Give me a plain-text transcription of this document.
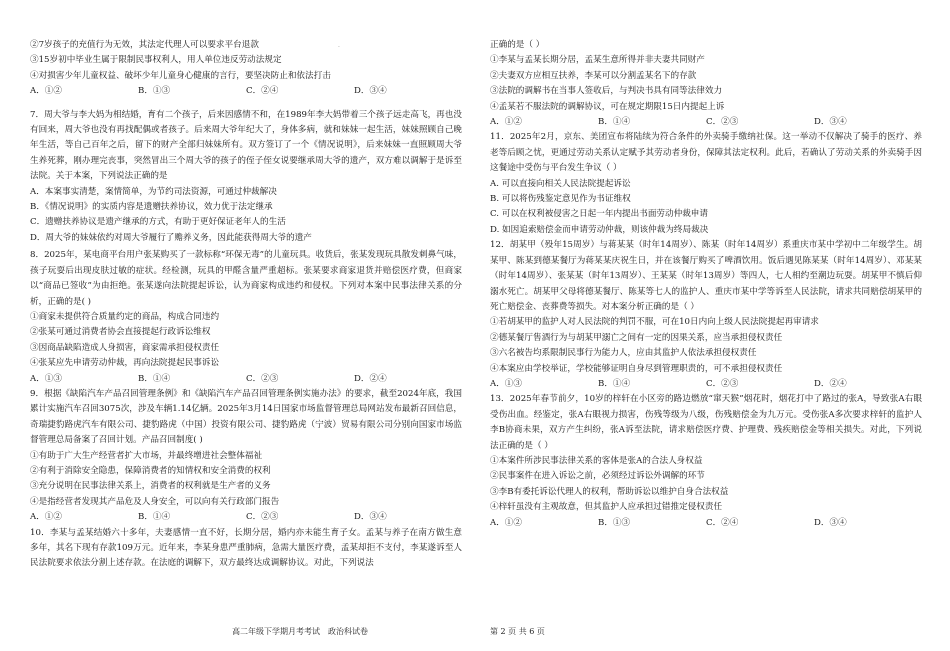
·

②7岁孩子的充值行为无效，其法定代理人可以要求平台退款

③15岁初中毕业生属于限制民事权利人，用人单位违反劳动法规定

④对损害少年儿童权益、破坏少年儿童身心健康的言行，要坚决防止和依法打击

A．①②	B．①③	C．②④	D．③④

7．周大爷与李大妈为相结婚，育有二个孩子，后来因感情不和，在1989年李大妈带着三个孩子远走高飞，再也没有回来，周大爷也没有再找配偶或者孩子。后来周大爷年纪大了，身体多病，就和妹妹一起生活，妹妹照顾自己晚年生活，等自己百年之后，留下的财产全部归妹妹所有。双方签订了一个《情况说明》，后来妹妹一直照顾周大爷生养死葬，刚办理完丧事，突然冒出三个周大爷的孩子的侄子侄女说要继承周大爷的遗产，双方难以调解于是诉至法院。关于本案，下列说法正确的是

A．本案事实清楚，案情简单，为节约司法资源，可通过仲裁解决

B．《情况说明》的实质内容是遗赠扶养协议，效力优于法定继承

C．遗赠扶养协议是遗产继承的方式，有助于更好保证老年人的生活

D．周大爷的妹妹依约对周大爷履行了赡养义务，因此能获得周大爷的遗产

8．2025年，某电商平台用户张某购买了一款标称“环保无毒”的儿童玩具。收货后，张某发现玩具散发刺鼻气味，孩子玩耍后出现皮肤过敏的症状。经检测，玩具的甲醛含量严重超标。张某要求商家退货并赔偿医疗费，但商家以“商品已签收”为由拒绝。张某遂向法院提起诉讼，认为商家构成违约和侵权。下列对本案中民事法律关系的分析，正确的是( )

①商家未提供符合质量约定的商品，构成合同违约

②张某可通过消费者协会直接提起行政诉讼维权

③因商品缺陷造成人身损害，商家需承担侵权责任

④张某应先申请劳动仲裁，再向法院提起民事诉讼

A．①③	B．①④	C．②③	D．②④

9．根据《缺陷汽车产品召回管理条例》和《缺陷汽车产品召回管理条例实施办法》的要求，截至2024年底，我国累计实施汽车召回3075次，涉及车辆1.14亿辆。2025年3月14日国家市场监督管理总局网站发布最新召回信息，奇瑞捷豹路虎汽车有限公司、捷豹路虎（中国）投资有限公司、捷豹路虎（宁波）贸易有限公司分别向国家市场监督管理总局备案了召回计划。产品召回制度( )

①有助于广大生产经营者扩大市场，并最终增进社会整体福祉

②有利于消除安全隐患，保障消费者的知情权和安全消费的权利

③充分说明在民事法律关系上，消费者的权利就是生产者的义务

④是指经营者发现其产品危及人身安全，可以向有关行政部门报告

A．①②	B．①④	C．②③	D．③④

10．李某与孟某结婚六十多年，夫妻感情一直不好，长期分居，婚内亦未能生育子女。孟某与养子在南方做生意多年，其名下现有存款109万元。近年来，李某身患严重肺病，急需大量医疗费，孟某却拒不支付，李某遂诉至人民法院要求依法分割上述存款。在法庭的调解下，双方最终达成调解协议。对此，下列说法

正确的是（ ）

①李某与孟某长期分居，孟某生意所得并非夫妻共同财产

②夫妻双方应相互扶养，李某可以分割孟某名下的存款

③法院的调解书在当事人签收后，与判决书具有同等法律效力

④孟某若不服法院的调解协议，可在规定期限15日内提起上诉

A．①②	B．①④	C．②③	D．③④

11．2025年2月，京东、美团宣布将陆续为符合条件的外卖骑手缴纳社保。这一举动不仅解决了骑手的医疗、养老等后顾之忧，更通过劳动关系认定赋予其劳动者身份，保障其法定权利。此后，若确认了劳动关系的外卖骑手因这餐途中受伤与平台发生争议（ ）

A. 可以直接向相关人民法院提起诉讼

B. 可以将伤残鉴定意见作为书证维权

C. 可以在权利被侵害之日起一年内提出书面劳动仲裁申请

D. 如因追索赔偿金而申请劳动仲裁，则该仲裁为终局裁决

12．胡某甲（殁年15周岁）与蒋某某（时年14周岁）、陈某（时年14周岁）系重庆市某中学初中二年级学生。胡某甲、陈某到德某餐厅为蒋某某庆祝生日，并在该餐厅购买了啤酒饮用。饭后遇见陈某某（时年14周岁）、邓某某（时年14周岁）、张某某（时年13周岁）、王某某（时年13周岁）等四人，七人相约至潮边玩耍。胡某甲不慎后仰溺水死亡。胡某甲父母将德某餐厅、陈某等七人的监护人、重庆市某中学等诉至人民法院，请求共同赔偿胡某甲的死亡赔偿金、丧葬费等损失。对本案分析正确的是（ ）

①若胡某甲的监护人对人民法院的判罚不服，可在10日内向上级人民法院提起再审请求

②德某餐厅售酒行为与胡某甲溺亡之间有一定的因果关系，应当承担侵权责任

③六名被告均系限制民事行为能力人，应由其监护人依法承担侵权责任

④本案应由学校举证，学校能够证明自身尽到管理职责的，可不承担侵权责任

A．①③	B．①④	C．②③	D．②④

13．2025年春节前夕，10岁的梓轩在小区旁的路边燃放“窜天猴”烟花时，烟花打中了路过的张A，导致张A右眼受伤出血。经鉴定，张A右眼视力损害，伤残等级为八级，伤残赔偿金为九万元。受伤张A多次要求梓轩的监护人李B协商未果，双方产生纠纷，张A诉至法院，请求赔偿医疗费、护理费、残疾赔偿金等相关损失。对此，下列说法正确的是（ ）

①本案件所涉民事法律关系的客体是张A的合法人身权益

②民事案件在进入诉讼之前，必须经过诉讼外调解的环节

③李B有委托诉讼代理人的权利，帮助诉讼以维护自身合法权益

④梓轩虽没有主观故意，但其监护人应承担过错推定侵权责任

A．①②	B．①③	C．②④	D．③④
高二年级下学期月考考试　政治科试卷	第 2 页 共 6 页
